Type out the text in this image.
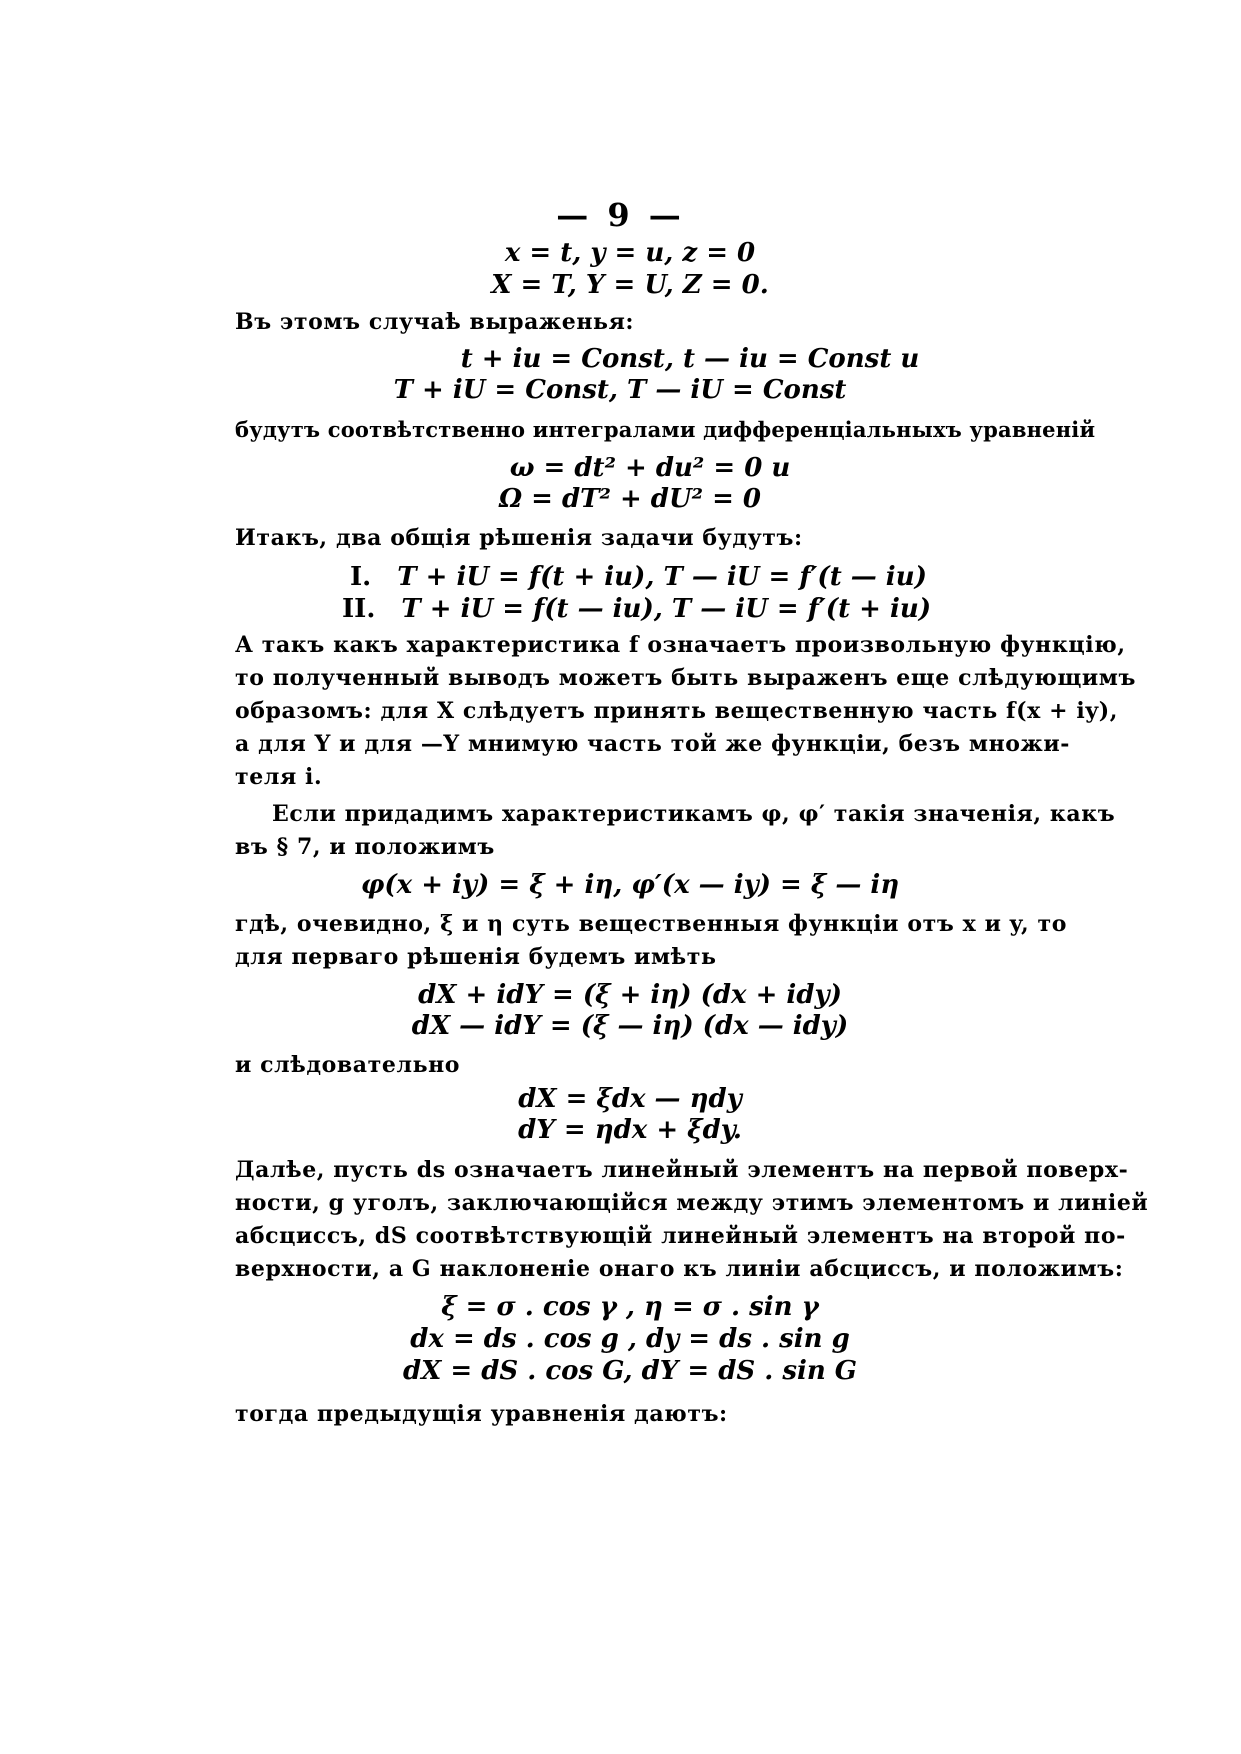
— 9 —
x = t, y = u, z = 0
X = T, Y = U, Z = 0.
Въ этомъ случаѣ выраженья:
t + iu = Const, t — iu = Const и
T + iU = Const, T — iU = Const
будутъ соотвѣтственно интегралами дифференціальныхъ уравненій
ω = dt² + du² = 0 и
Ω = dT² + dU² = 0
Итакъ, два общія рѣшенія задачи будутъ:
I. T + iU = f(t + iu), T — iU = f′(t — iu)
II. T + iU = f(t — iu), T — iU = f′(t + iu)
А такъ какъ характеристика f означаетъ произвольную функцію,
то полученный выводъ можетъ быть выраженъ еще слѣдующимъ
образомъ: для X слѣдуетъ принять вещественную часть f(x + iy),
а для Y и для —Y мнимую часть той же функціи, безъ множи-
теля i.
Если придадимъ характеристикамъ φ, φ′ такія значенія, какъ
въ § 7, и положимъ
φ(x + iy) = ξ + iη, φ′(x — iy) = ξ — iη
гдѣ, очевидно, ξ и η суть вещественныя функціи отъ x и y, то
для перваго рѣшенія будемъ имѣть
dX + idY = (ξ + iη) (dx + idy)
dX — idY = (ξ — iη) (dx — idy)
и слѣдовательно
dX = ξdx — ηdy
dY = ηdx + ξdy.
Далѣе, пусть ds означаетъ линейный элементъ на первой поверх-
ности, g уголъ, заключающійся между этимъ элементомъ и линіей
абсциссъ, dS соотвѣтствующій линейный элементъ на второй по-
верхности, а G наклоненіе онаго къ линіи абсциссъ, и положимъ:
ξ = σ . cos γ , η = σ . sin γ
dx = ds . cos g , dy = ds . sin g
dX = dS . cos G, dY = dS . sin G
тогда предыдущія уравненія даютъ:
